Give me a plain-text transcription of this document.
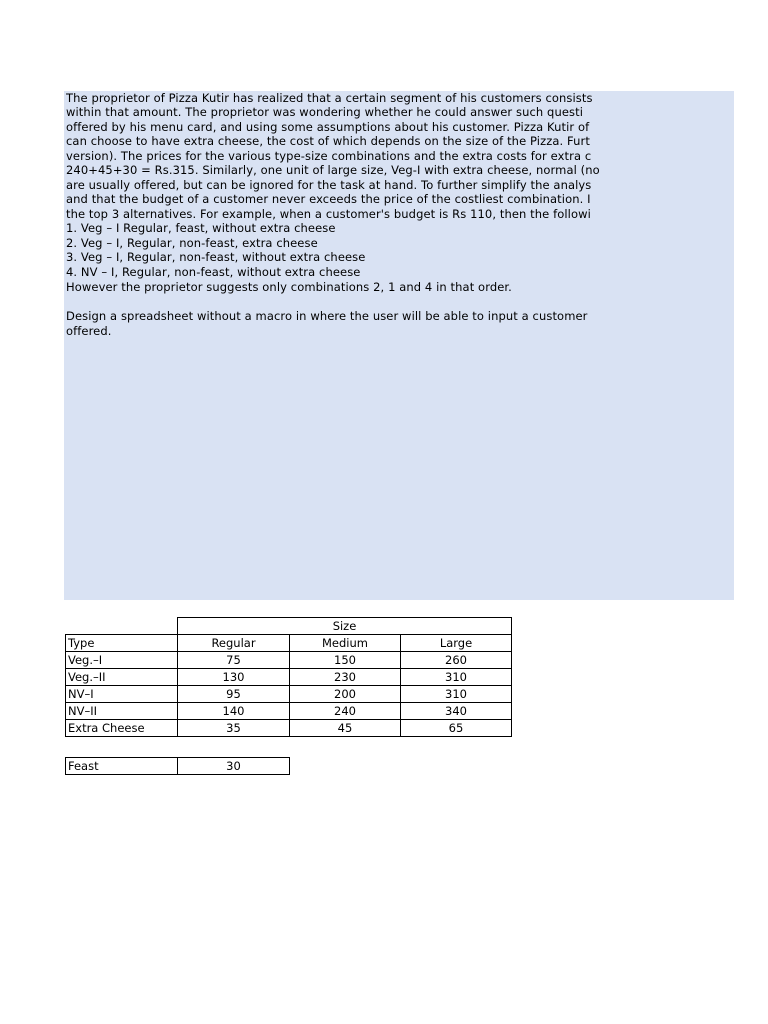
The proprietor of Pizza Kutir has realized that a certain segment of his customers consists
within that amount. The proprietor was wondering whether he could answer such questi
offered by his menu card, and using some assumptions about his customer. Pizza Kutir of
can choose to have extra cheese, the cost of which depends on the size of the Pizza. Furt
version). The prices for the various type-size combinations and the extra costs for extra c
240+45+30 = Rs.315. Similarly, one unit of large size, Veg-I with extra cheese, normal (no
are usually offered, but can be ignored for the task at hand. To further simplify the analys
and that the budget of a customer never exceeds the price of the costliest combination. I
the top 3 alternatives. For example, when a customer's budget is Rs 110, then the followi
1. Veg – I Regular, feast, without extra cheese
2. Veg – I, Regular, non-feast, extra cheese
3. Veg – I, Regular, non-feast, without extra cheese
4. NV – I, Regular, non-feast, without extra cheese
However the proprietor suggests only combinations 2, 1 and 4 in that order.
Design a spreadsheet without a macro in where the user will be able to input a customer
offered.
	Size		
Type	Regular	Medium	Large
Veg.–I	75	150	260
Veg.–II	130	230	310
NV–I	95	200	310
NV–II	140	240	340
Extra Cheese	35	45	65
Feast	30
